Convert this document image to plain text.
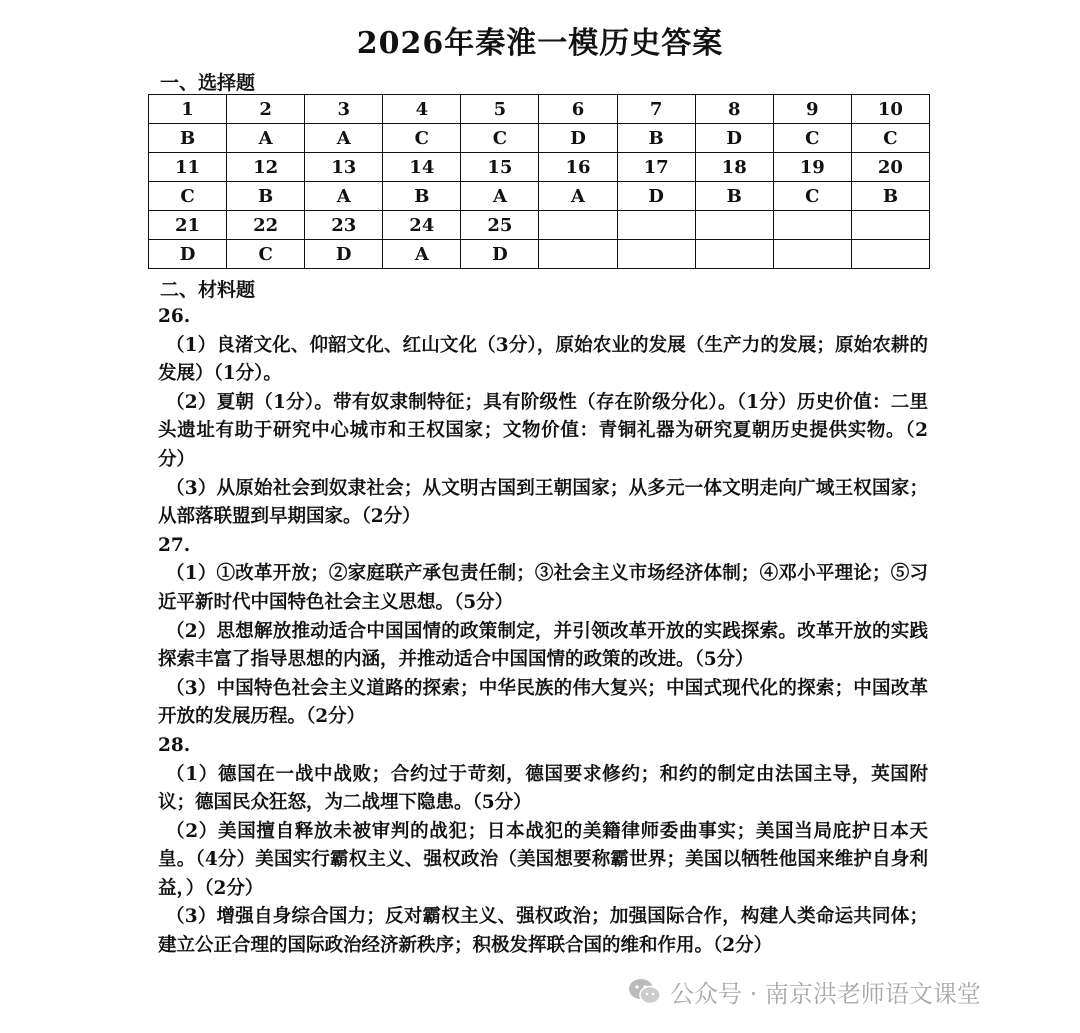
2026年秦淮一模历史答案
一、选择题
1	2	3	4	5	6	7	8	9	10
B	A	A	C	C	D	B	D	C	C
11	12	13	14	15	16	17	18	19	20
C	B	A	B	A	A	D	B	C	B
21	22	23	24	25					
D	C	D	A	D					
二、材料题

26.

（1）良渚文化、仰韶文化、红山文化（3分），原始农业的发展（生产力的发展；原始农耕的发展）（1分）。

（2）夏朝（1分）。带有奴隶制特征；具有阶级性（存在阶级分化）。（1分）历史价值：二里头遗址有助于研究中心城市和王权国家；文物价值：青铜礼器为研究夏朝历史提供实物。（2分）

（3）从原始社会到奴隶社会；从文明古国到王朝国家；从多元一体文明走向广域王权国家；从部落联盟到早期国家。（2分）

27.

（1）①改革开放；②家庭联产承包责任制；③社会主义市场经济体制；④邓小平理论；⑤习近平新时代中国特色社会主义思想。（5分）

（2）思想解放推动适合中国国情的政策制定，并引领改革开放的实践探索。改革开放的实践探索丰富了指导思想的内涵，并推动适合中国国情的政策的改进。（5分）

（3）中国特色社会主义道路的探索；中华民族的伟大复兴；中国式现代化的探索；中国改革开放的发展历程。（2分）

28.

（1）德国在一战中战败；合约过于苛刻，德国要求修约；和约的制定由法国主导，英国附议；德国民众狂怒，为二战埋下隐患。（5分）

（2）美国擅自释放未被审判的战犯；日本战犯的美籍律师委曲事实；美国当局庇护日本天皇。（4分）美国实行霸权主义、强权政治（美国想要称霸世界；美国以牺牲他国来维护自身利益，）（2分）

（3）增强自身综合国力；反对霸权主义、强权政治；加强国际合作，构建人类命运共同体；建立公正合理的国际政治经济新秩序；积极发挥联合国的维和作用。（2分）

公众号 · 南京洪老师语文课堂
